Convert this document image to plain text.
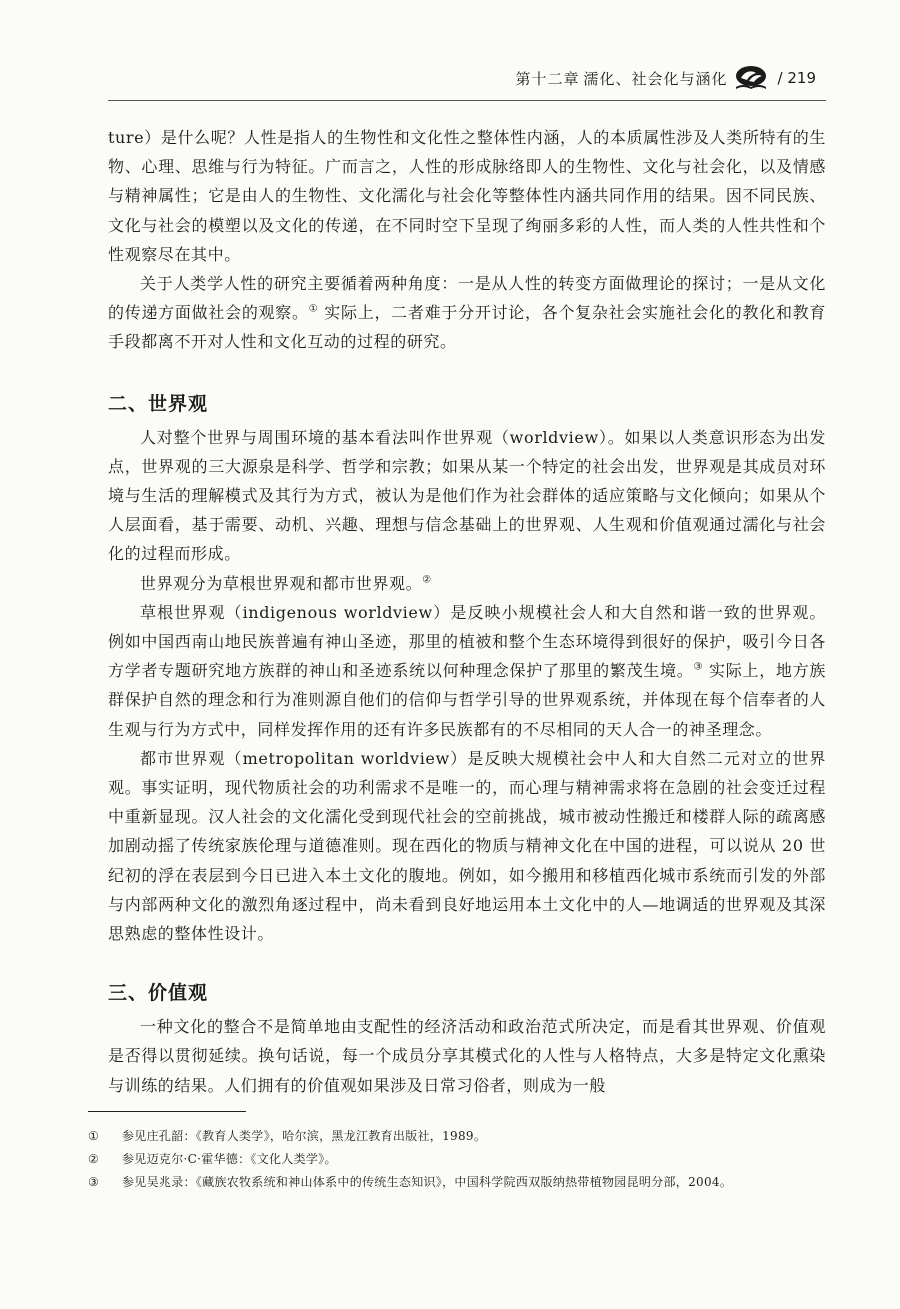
第十二章 濡化、社会化与涵化	/ 219

ture）是什么呢？人性是指人的生物性和文化性之整体性内涵，人的本质属性涉及人类所特有的生物、心理、思维与行为特征。广而言之，人性的形成脉络即人的生物性、文化与社会化，以及情感与精神属性；它是由人的生物性、文化濡化与社会化等整体性内涵共同作用的结果。因不同民族、文化与社会的模塑以及文化的传递，在不同时空下呈现了绚丽多彩的人性，而人类的人性共性和个性观察尽在其中。

关于人类学人性的研究主要循着两种角度：一是从人性的转变方面做理论的探讨；一是从文化的传递方面做社会的观察。① 实际上，二者难于分开讨论，各个复杂社会实施社会化的教化和教育手段都离不开对人性和文化互动的过程的研究。

二、世界观

人对整个世界与周围环境的基本看法叫作世界观（worldview）。如果以人类意识形态为出发点，世界观的三大源泉是科学、哲学和宗教；如果从某一个特定的社会出发，世界观是其成员对环境与生活的理解模式及其行为方式，被认为是他们作为社会群体的适应策略与文化倾向；如果从个人层面看，基于需要、动机、兴趣、理想与信念基础上的世界观、人生观和价值观通过濡化与社会化的过程而形成。

世界观分为草根世界观和都市世界观。②

草根世界观（indigenous worldview）是反映小规模社会人和大自然和谐一致的世界观。例如中国西南山地民族普遍有神山圣迹，那里的植被和整个生态环境得到很好的保护，吸引今日各方学者专题研究地方族群的神山和圣迹系统以何种理念保护了那里的繁茂生境。③ 实际上，地方族群保护自然的理念和行为准则源自他们的信仰与哲学引导的世界观系统，并体现在每个信奉者的人生观与行为方式中，同样发挥作用的还有许多民族都有的不尽相同的天人合一的神圣理念。

都市世界观（metropolitan worldview）是反映大规模社会中人和大自然二元对立的世界观。事实证明，现代物质社会的功利需求不是唯一的，而心理与精神需求将在急剧的社会变迁过程中重新显现。汉人社会的文化濡化受到现代社会的空前挑战，城市被动性搬迁和楼群人际的疏离感加剧动摇了传统家族伦理与道德准则。现在西化的物质与精神文化在中国的进程，可以说从 20 世纪初的浮在表层到今日已进入本土文化的腹地。例如，如今搬用和移植西化城市系统而引发的外部与内部两种文化的激烈角逐过程中，尚未看到良好地运用本土文化中的人—地调适的世界观及其深思熟虑的整体性设计。

三、价值观

一种文化的整合不是简单地由支配性的经济活动和政治范式所决定，而是看其世界观、价值观是否得以贯彻延续。换句话说，每一个成员分享其模式化的人性与人格特点，大多是特定文化熏染与训练的结果。人们拥有的价值观如果涉及日常习俗者，则成为一般

① 参见庄孔韶：《教育人类学》，哈尔滨，黑龙江教育出版社，1989。

② 参见迈克尔·C·霍华德：《文化人类学》。

③ 参见吴兆录：《藏族农牧系统和神山体系中的传统生态知识》，中国科学院西双版纳热带植物园昆明分部，2004。
